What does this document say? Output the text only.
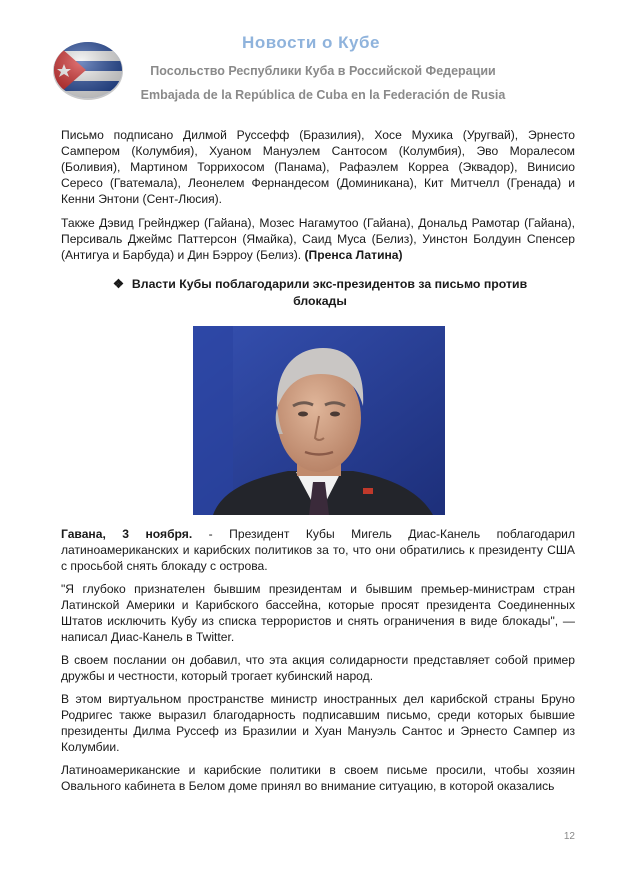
Новости о Кубе
Посольство Республики Куба в Российской Федерации
Embajada de la República de Cuba en la Federación de Rusia

Письмо подписано Дилмой Руссефф (Бразилия), Хосе Мухика (Уругвай), Эрнесто Сампером (Колумбия), Хуаном Мануэлем Сантосом (Колумбия), Эво Моралесом (Боливия), Мартином Торрихосом (Панама), Рафаэлем Корреа (Эквадор), Винисио Сересо (Гватемала), Леонелем Фернандесом (Доминикана), Кит Митчелл (Гренада) и Кенни Энтони (Сент-Люсия).

Также Дэвид Грейнджер (Гайана), Мозес Нагамутоо (Гайана), Дональд Рамотар (Гайана), Персиваль Джеймс Паттерсон (Ямайка), Саид Муса (Белиз), Уинстон Болдуин Спенсер (Антигуа и Барбуда) и Дин Бэрроу (Белиз). (Пренса Латина)

❖ Власти Кубы поблагодарили экс-президентов за письмо против блокады

Гавана, 3 ноября. - Президент Кубы Мигель Диас-Канель поблагодарил латиноамериканских и карибских политиков за то, что они обратились к президенту США с просьбой снять блокаду с острова.

"Я глубоко признателен бывшим президентам и бывшим премьер-министрам стран Латинской Америки и Карибского бассейна, которые просят президента Соединенных Штатов исключить Кубу из списка террористов и снять ограничения в виде блокады", — написал Диас-Канель в Twitter.

В своем послании он добавил, что эта акция солидарности представляет собой пример дружбы и честности, который трогает кубинский народ.

В этом виртуальном пространстве министр иностранных дел карибской страны Бруно Родригес также выразил благодарность подписавшим письмо, среди которых бывшие президенты Дилма Руссеф из Бразилии и Хуан Мануэль Сантос и Эрнесто Сампер из Колумбии.

Латиноамериканские и карибские политики в своем письме просили, чтобы хозяин Овального кабинета в Белом доме принял во внимание ситуацию, в которой оказались

12
